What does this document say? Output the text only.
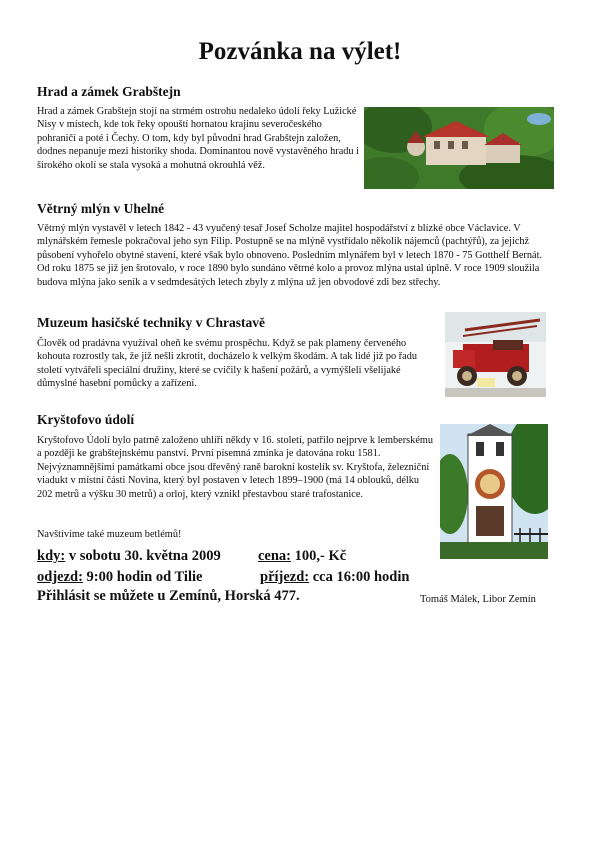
Pozvánka na výlet!
Hrad a zámek Grabštejn

Hrad a zámek Grabštejn stojí na strmém ostrohu nedaleko údolí řeky Lužické Nisy v místech, kde tok řeky opouští hornatou krajinu severočeského pohraničí a poté i Čechy. O tom, kdy byl původní hrad Grabštejn založen, dodnes nepanuje mezi historiky shoda. Dominantou nově vystavěného hradu i širokého okolí se stala vysoká a mohutná okrouhlá věž.

Větrný mlýn v Uhelné

Větrný mlýn vystavěl v letech 1842 - 43 vyučený tesař Josef Scholze majitel hospodářství z blízké obce Václavice. V mlynářském řemesle pokračoval jeho syn Filip. Postupně se na mlýně vystřídalo několik nájemců (pachtýřů), za jejichž působení vyhořelo obytné stavení, které však bylo obnoveno. Posledním mlynářem byl v letech 1870 - 75 Gotthelf Bernát. Od roku 1875 se již jen šrotovalo, v roce 1890 bylo sundáno větrné kolo a provoz mlýna ustal úplně. V roce 1909 sloužila budova mlýna jako seník a v sedmdesátých letech zbyly z mlýna už jen obvodové zdi bez střechy.

Muzeum hasičské techniky v Chrastavě

Člověk od pradávna využíval oheň ke svému prospěchu. Když se pak plameny červeného kohouta rozrostly tak, že již nešli zkrotit, docházelo k velkým škodám. A tak lidé již po řadu století vytvářeli speciální družiny, které se cvičily k hašení požárů, a vymýšleli všelijaké důmyslné hasební pomůcky a zařízení.

Kryštofovo údolí

Kryštofovo Údolí bylo patrně založeno uhlíři někdy v 16. století, patřilo nejprve k lemberskému a později ke grabštejnskému panství. První písemná zmínka je datována roku 1581. Nejvýznamnějšími památkami obce jsou dřevěný raně barokní kostelík sv. Kryštofa, železniční viadukt v místní části Novina, který byl postaven v letech 1899–1900 (má 14 oblouků, délku 202 metrů a výšku 30 metrů) a orloj, který vznikl přestavbou staré trafostanice.

Navštívíme také muzeum betlémů!

kdy: v sobotu 30. května 2009	cena: 100,- Kč

odjezd: 9:00 hodin od Tilie	příjezd: cca 16:00 hodin

Přihlásit se můžete u Zemínů, Horská 477.	Tomáš Málek, Libor Zemín
